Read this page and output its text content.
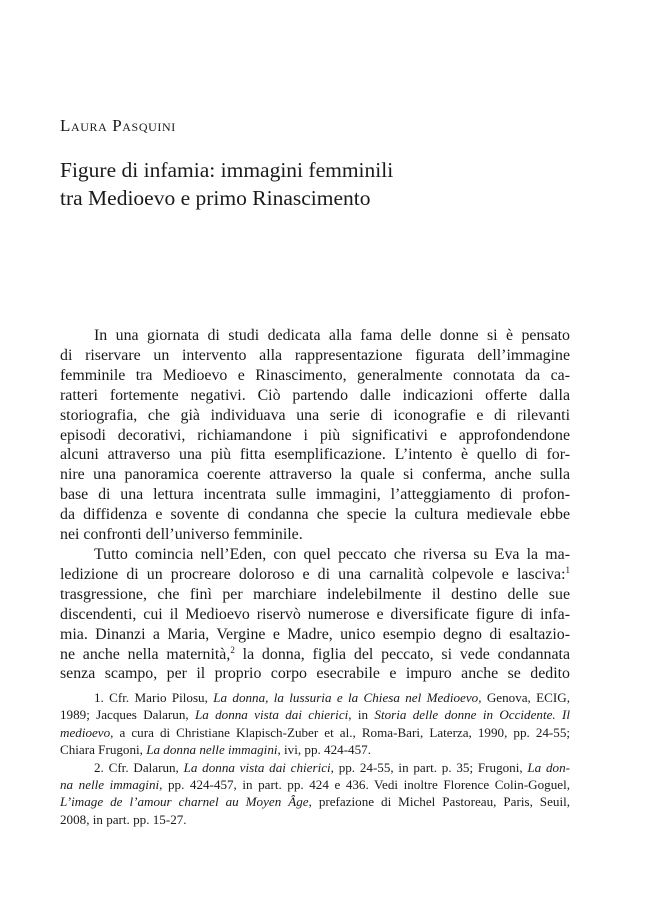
Laura Pasquini
Figure di infamia: immagini femminili
tra Medioevo e primo Rinascimento
In una giornata di studi dedicata alla fama delle donne si è pensato
di riservare un intervento alla rappresentazione figurata dell’immagine
femminile tra Medioevo e Rinascimento, generalmente connotata da ca-
ratteri fortemente negativi. Ciò partendo dalle indicazioni offerte dalla
storiografia, che già individuava una serie di iconografie e di rilevanti
episodi decorativi, richiamandone i più significativi e approfondendone
alcuni attraverso una più fitta esemplificazione. L’intento è quello di for-
nire una panoramica coerente attraverso la quale si conferma, anche sulla
base di una lettura incentrata sulle immagini, l’atteggiamento di profon-
da diffidenza e sovente di condanna che specie la cultura medievale ebbe
nei confronti dell’universo femminile.
Tutto comincia nell’Eden, con quel peccato che riversa su Eva la ma-
ledizione di un procreare doloroso e di una carnalità colpevole e lasciva:$^1$
trasgressione, che finì per marchiare indelebilmente il destino delle sue
discendenti, cui il Medioevo riservò numerose e diversificate figure di infa-
mia. Dinanzi a Maria, Vergine e Madre, unico esempio degno di esaltazio-
ne anche nella maternità,$^2$ la donna, figlia del peccato, si vede condannata
senza scampo, per il proprio corpo esecrabile e impuro anche se dedito
1. Cfr. Mario Pilosu, La donna, la lussuria e la Chiesa nel Medioevo, Genova, ECIG,
1989; Jacques Dalarun, La donna vista dai chierici, in Storia delle donne in Occidente. Il
medioevo, a cura di Christiane Klapisch-Zuber et al., Roma-Bari, Laterza, 1990, pp. 24-55;
Chiara Frugoni, La donna nelle immagini, ivi, pp. 424-457.
2. Cfr. Dalarun, La donna vista dai chierici, pp. 24-55, in part. p. 35; Frugoni, La don-
na nelle immagini, pp. 424-457, in part. pp. 424 e 436. Vedi inoltre Florence Colin-Goguel,
L’image de l’amour charnel au Moyen Âge, prefazione di Michel Pastoreau, Paris, Seuil,
2008, in part. pp. 15-27.
